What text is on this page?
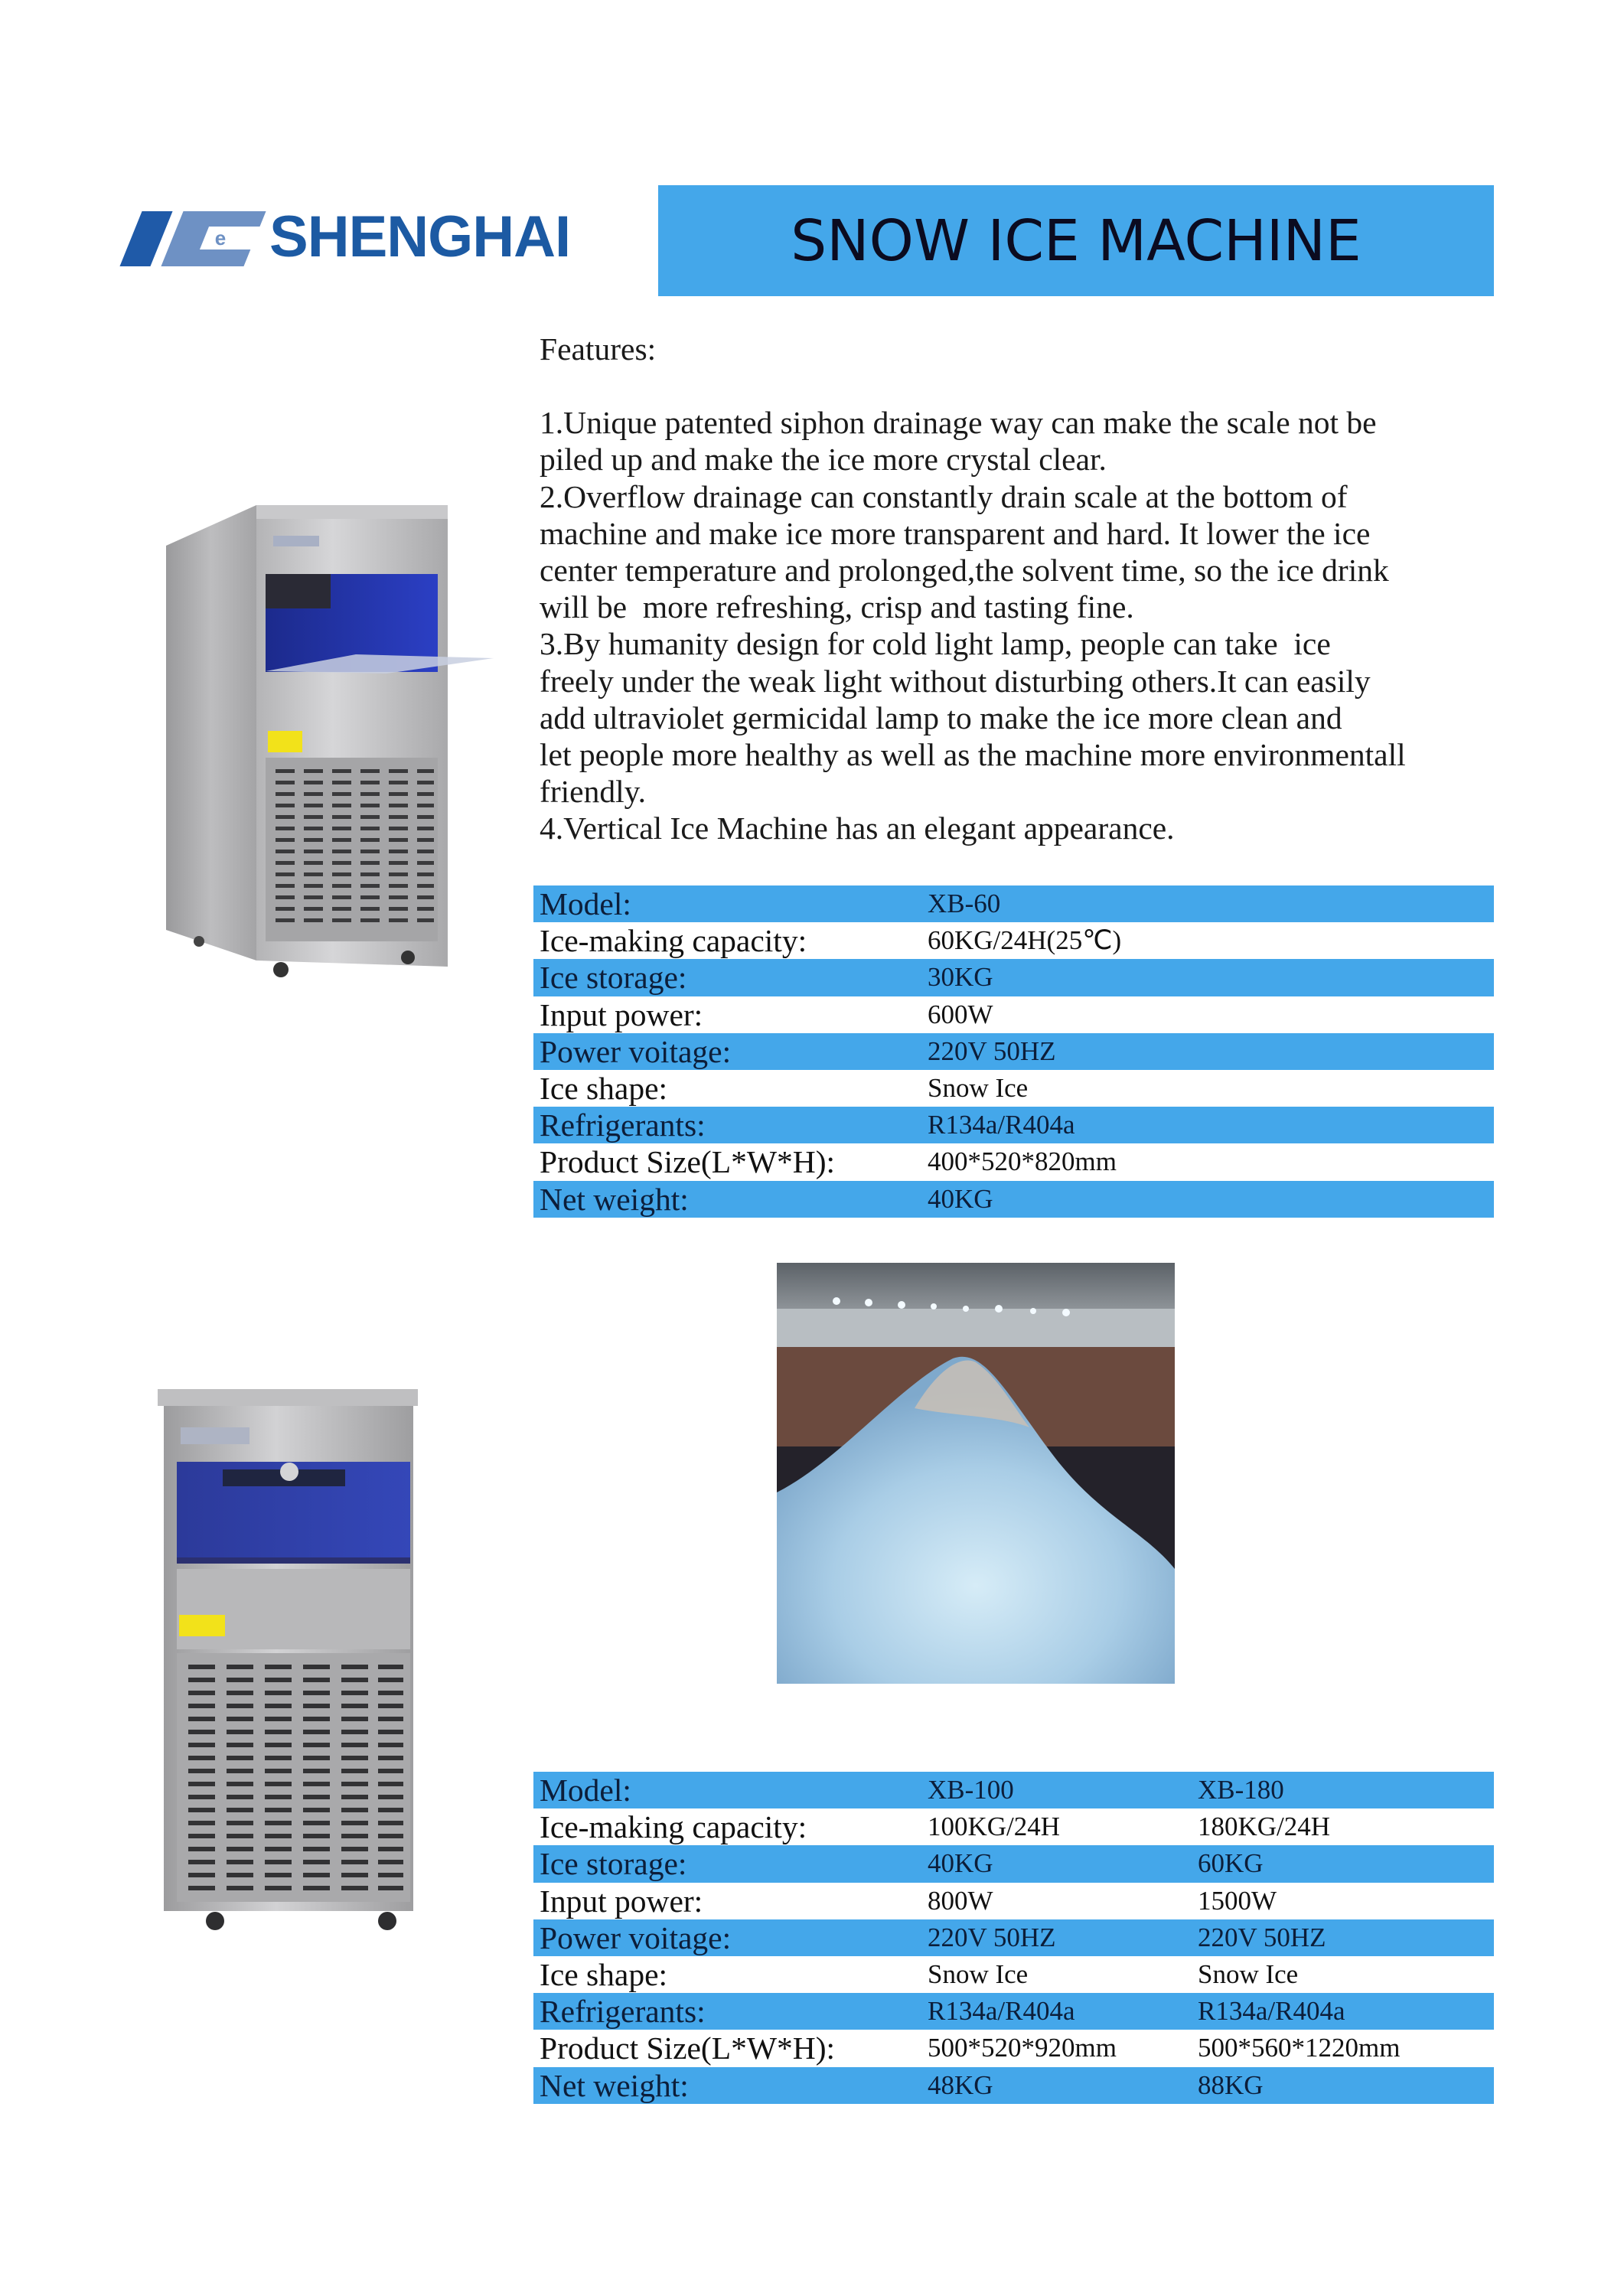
e SHENGHAI	SNOW ICE MACHINE

Features:

1.Unique patented siphon drainage way can make the scale not be

piled up and make the ice more crystal clear.

2.Overflow drainage can constantly drain scale at the bottom of

machine and make ice more transparent and hard. It lower the ice

center temperature and prolonged,the solvent time, so the ice drink

will be  more refreshing, crisp and tasting fine.

3.By humanity design for cold light lamp, people can take  ice

freely under the weak light without disturbing others.It can easily

add ultraviolet germicidal lamp to make the ice more clean and

let people more healthy as well as the machine more environmentall

friendly.

4.Vertical Ice Machine has an elegant appearance.

Model:	XB-60
Ice-making capacity:	60KG/24H(25℃)
Ice storage:	30KG
Input power:	600W
Power voitage:	220V 50HZ
Ice shape:	Snow Ice
Refrigerants:	R134a/R404a
Product Size(L*W*H):	400*520*820mm
Net weight:	40KG
Model:	XB-100	XB-180
Ice-making capacity:	100KG/24H	180KG/24H
Ice storage:	40KG	60KG
Input power:	800W	1500W
Power voitage:	220V 50HZ	220V 50HZ
Ice shape:	Snow Ice	Snow Ice
Refrigerants:	R134a/R404a	R134a/R404a
Product Size(L*W*H):	500*520*920mm	500*560*1220mm
Net weight:	48KG	88KG
